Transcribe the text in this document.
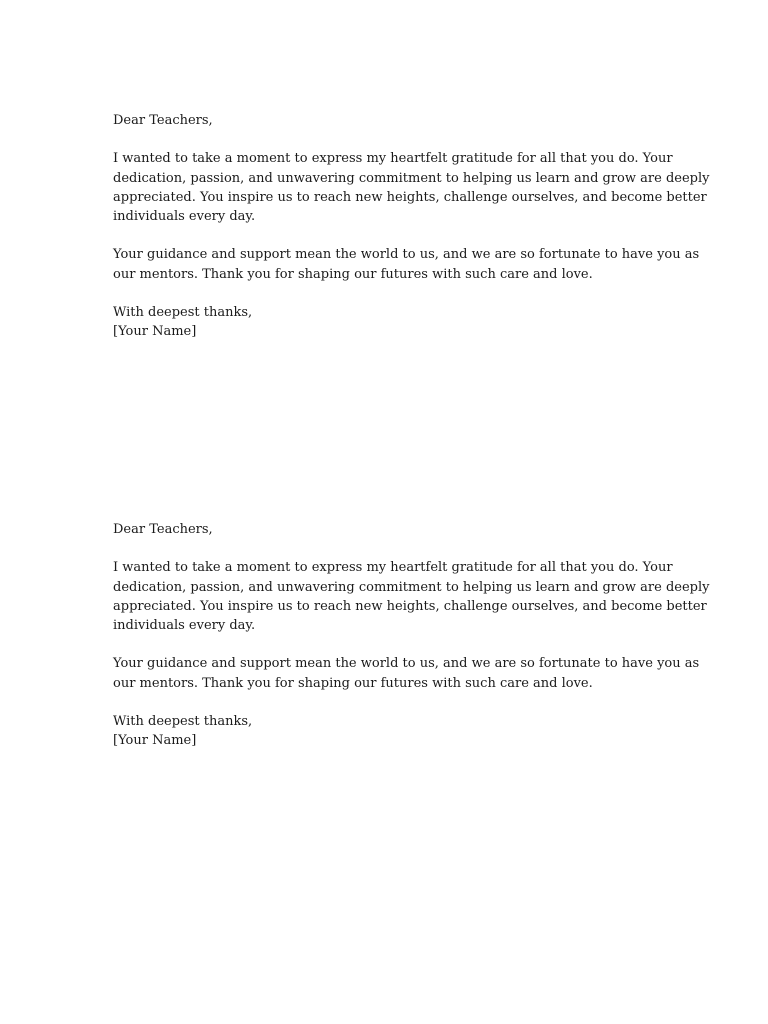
Dear Teachers,
I wanted to take a moment to express my heartfelt gratitude for all that you do. Your
dedication, passion, and unwavering commitment to helping us learn and grow are deeply
appreciated. You inspire us to reach new heights, challenge ourselves, and become better
individuals every day.
Your guidance and support mean the world to us, and we are so fortunate to have you as
our mentors. Thank you for shaping our futures with such care and love.
With deepest thanks,
[Your Name]
Dear Teachers,
I wanted to take a moment to express my heartfelt gratitude for all that you do. Your
dedication, passion, and unwavering commitment to helping us learn and grow are deeply
appreciated. You inspire us to reach new heights, challenge ourselves, and become better
individuals every day.
Your guidance and support mean the world to us, and we are so fortunate to have you as
our mentors. Thank you for shaping our futures with such care and love.
With deepest thanks,
[Your Name]
